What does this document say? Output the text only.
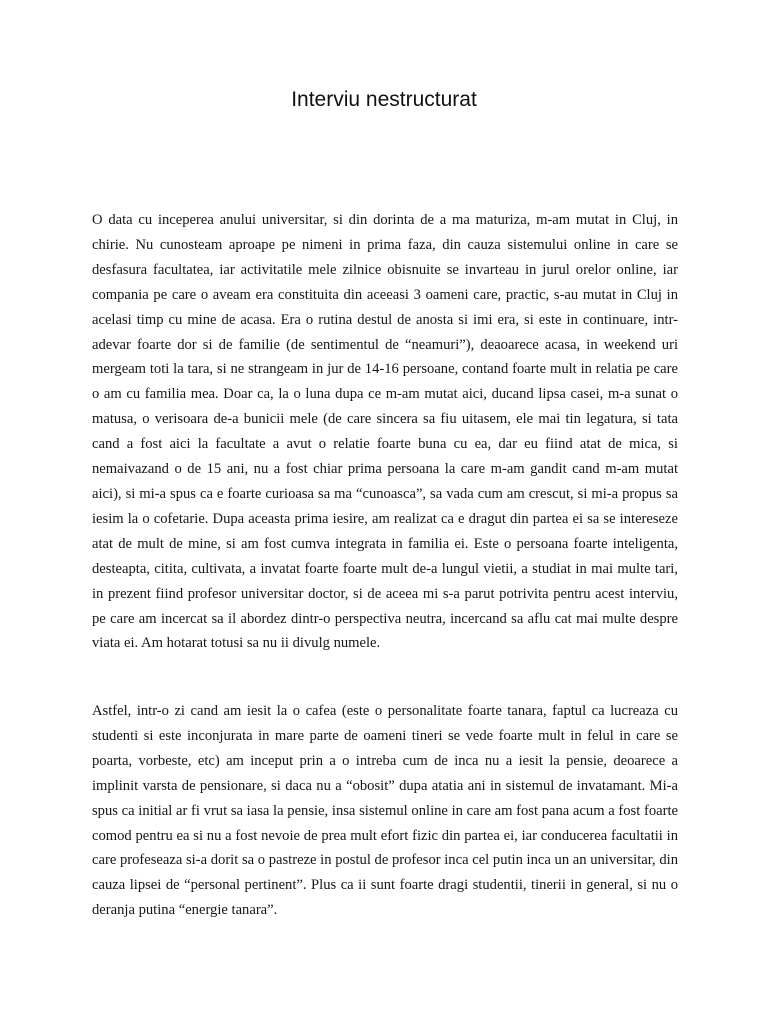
Interviu nestructurat

O data cu inceperea anului universitar, si din dorinta de a ma maturiza, m-am mutat in Cluj, in chirie. Nu cunosteam aproape pe nimeni in prima faza, din cauza sistemului online in care se desfasura facultatea, iar activitatile mele zilnice obisnuite se invarteau in jurul orelor online, iar compania pe care o aveam era constituita din aceeasi 3 oameni care, practic, s-au mutat in Cluj in acelasi timp cu mine de acasa. Era o rutina destul de anosta si imi era, si este in continuare, intr-adevar foarte dor si de familie (de sentimentul de “neamuri”), deaoarece acasa, in weekend uri mergeam toti la tara, si ne strangeam in jur de 14-16 persoane, contand foarte mult in relatia pe care o am cu familia mea. Doar ca, la o luna dupa ce m-am mutat aici, ducand lipsa casei, m-a sunat o matusa, o verisoara de-a bunicii mele (de care sincera sa fiu uitasem, ele mai tin legatura, si tata cand a fost aici la facultate a avut o relatie foarte buna cu ea, dar eu fiind atat de mica, si nemaivazand o de 15 ani, nu a fost chiar prima persoana la care m-am gandit cand m-am mutat aici), si mi-a spus ca e foarte curioasa sa ma “cunoasca”, sa vada cum am crescut, si mi-a propus sa iesim la o cofetarie. Dupa aceasta prima iesire, am realizat ca e dragut din partea ei sa se intereseze atat de mult de mine, si am fost cumva integrata in familia ei. Este o persoana foarte inteligenta, desteapta, citita, cultivata, a invatat foarte foarte mult de-a lungul vietii, a studiat in mai multe tari, in prezent fiind profesor universitar doctor, si de aceea mi s-a parut potrivita pentru acest interviu, pe care am incercat sa il abordez dintr-o perspectiva neutra, incercand sa aflu cat mai multe despre viata ei. Am hotarat totusi sa nu ii divulg numele.

Astfel, intr-o zi cand am iesit la o cafea (este o personalitate foarte tanara, faptul ca lucreaza cu studenti si este inconjurata in mare parte de oameni tineri se vede foarte mult in felul in care se poarta, vorbeste, etc) am inceput prin a o intreba cum de inca nu a iesit la pensie, deoarece a implinit varsta de pensionare, si daca nu a “obosit” dupa atatia ani in sistemul de invatamant. Mi-a spus ca initial ar fi vrut sa iasa la pensie, insa sistemul online in care am fost pana acum a fost foarte comod pentru ea si nu a fost nevoie de prea mult efort fizic din partea ei, iar conducerea facultatii in care profeseaza si-a dorit sa o pastreze in postul de profesor inca cel putin inca un an universitar, din cauza lipsei de “personal pertinent”. Plus ca ii sunt foarte dragi studentii, tinerii in general, si nu o deranja putina “energie tanara”.
